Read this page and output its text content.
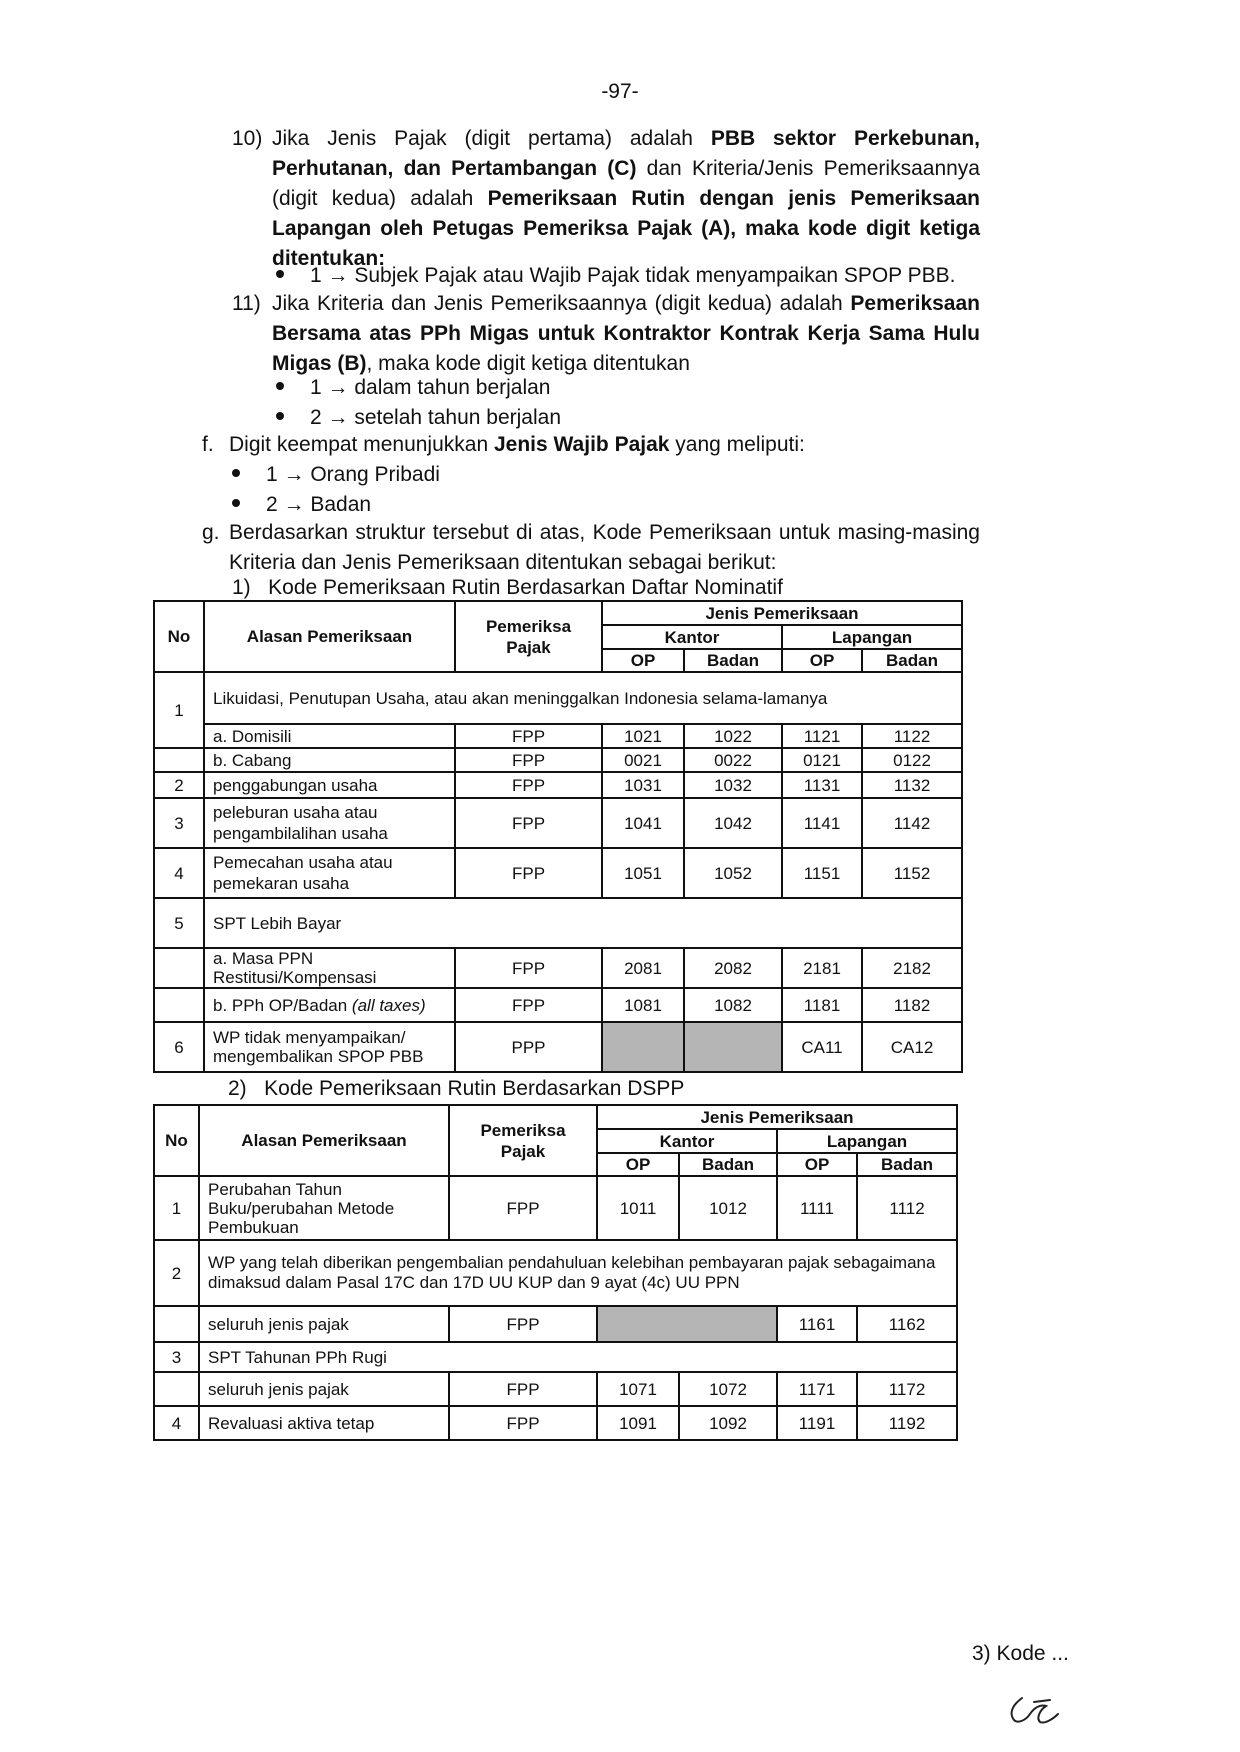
-97-
10) Jika Jenis Pajak (digit pertama) adalah PBB sektor Perkebunan, Perhutanan, dan Pertambangan (C) dan Kriteria/Jenis Pemeriksaannya (digit kedua) adalah Pemeriksaan Rutin dengan jenis Pemeriksaan Lapangan oleh Petugas Pemeriksa Pajak (A), maka kode digit ketiga ditentukan:
1 → Subjek Pajak atau Wajib Pajak tidak menyampaikan SPOP PBB.
11) Jika Kriteria dan Jenis Pemeriksaannya (digit kedua) adalah Pemeriksaan Bersama atas PPh Migas untuk Kontraktor Kontrak Kerja Sama Hulu Migas (B), maka kode digit ketiga ditentukan
1 → dalam tahun berjalan
2 → setelah tahun berjalan
f. Digit keempat menunjukkan Jenis Wajib Pajak yang meliputi:
1 → Orang Pribadi
2 → Badan
g. Berdasarkan struktur tersebut di atas, Kode Pemeriksaan untuk masing-masing Kriteria dan Jenis Pemeriksaan ditentukan sebagai berikut:
1)   Kode Pemeriksaan Rutin Berdasarkan Daftar Nominatif
No	Alasan Pemeriksaan	Pemeriksa Pajak	Jenis Pemeriksaan			
			Kantor		Lapangan	
			OP	Badan	OP	Badan
1	Likuidasi, Penutupan Usaha, atau akan meninggalkan Indonesia selama-lamanya					
	a. Domisili	FPP	1021	1022	1121	1122
	b. Cabang	FPP	0021	0022	0121	0122
2	penggabungan usaha	FPP	1031	1032	1131	1132
3	peleburan usaha atau pengambilalihan usaha	FPP	1041	1042	1141	1142
4	Pemecahan usaha atau pemekaran usaha	FPP	1051	1052	1151	1152
5	SPT Lebih Bayar					
	a. Masa PPN Restitusi/Kompensasi	FPP	2081	2082	2181	2182
	b. PPh OP/Badan (all taxes)	FPP	1081	1082	1181	1182
6	WP tidak menyampaikan/ mengembalikan SPOP PBB	PPP			CA11	CA12
2)   Kode Pemeriksaan Rutin Berdasarkan DSPP
No	Alasan Pemeriksaan	Pemeriksa Pajak	Jenis Pemeriksaan			
			Kantor		Lapangan	
			OP	Badan	OP	Badan
1	Perubahan Tahun Buku/perubahan Metode Pembukuan	FPP	1011	1012	1111	1112
2	WP yang telah diberikan pengembalian pendahuluan kelebihan pembayaran pajak sebagaimana dimaksud dalam Pasal 17C dan 17D UU KUP dan 9 ayat (4c) UU PPN					
	seluruh jenis pajak	FPP			1161	1162
3	SPT Tahunan PPh Rugi					
	seluruh jenis pajak	FPP	1071	1072	1171	1172
4	Revaluasi aktiva tetap	FPP	1091	1092	1191	1192
3) Kode ...
